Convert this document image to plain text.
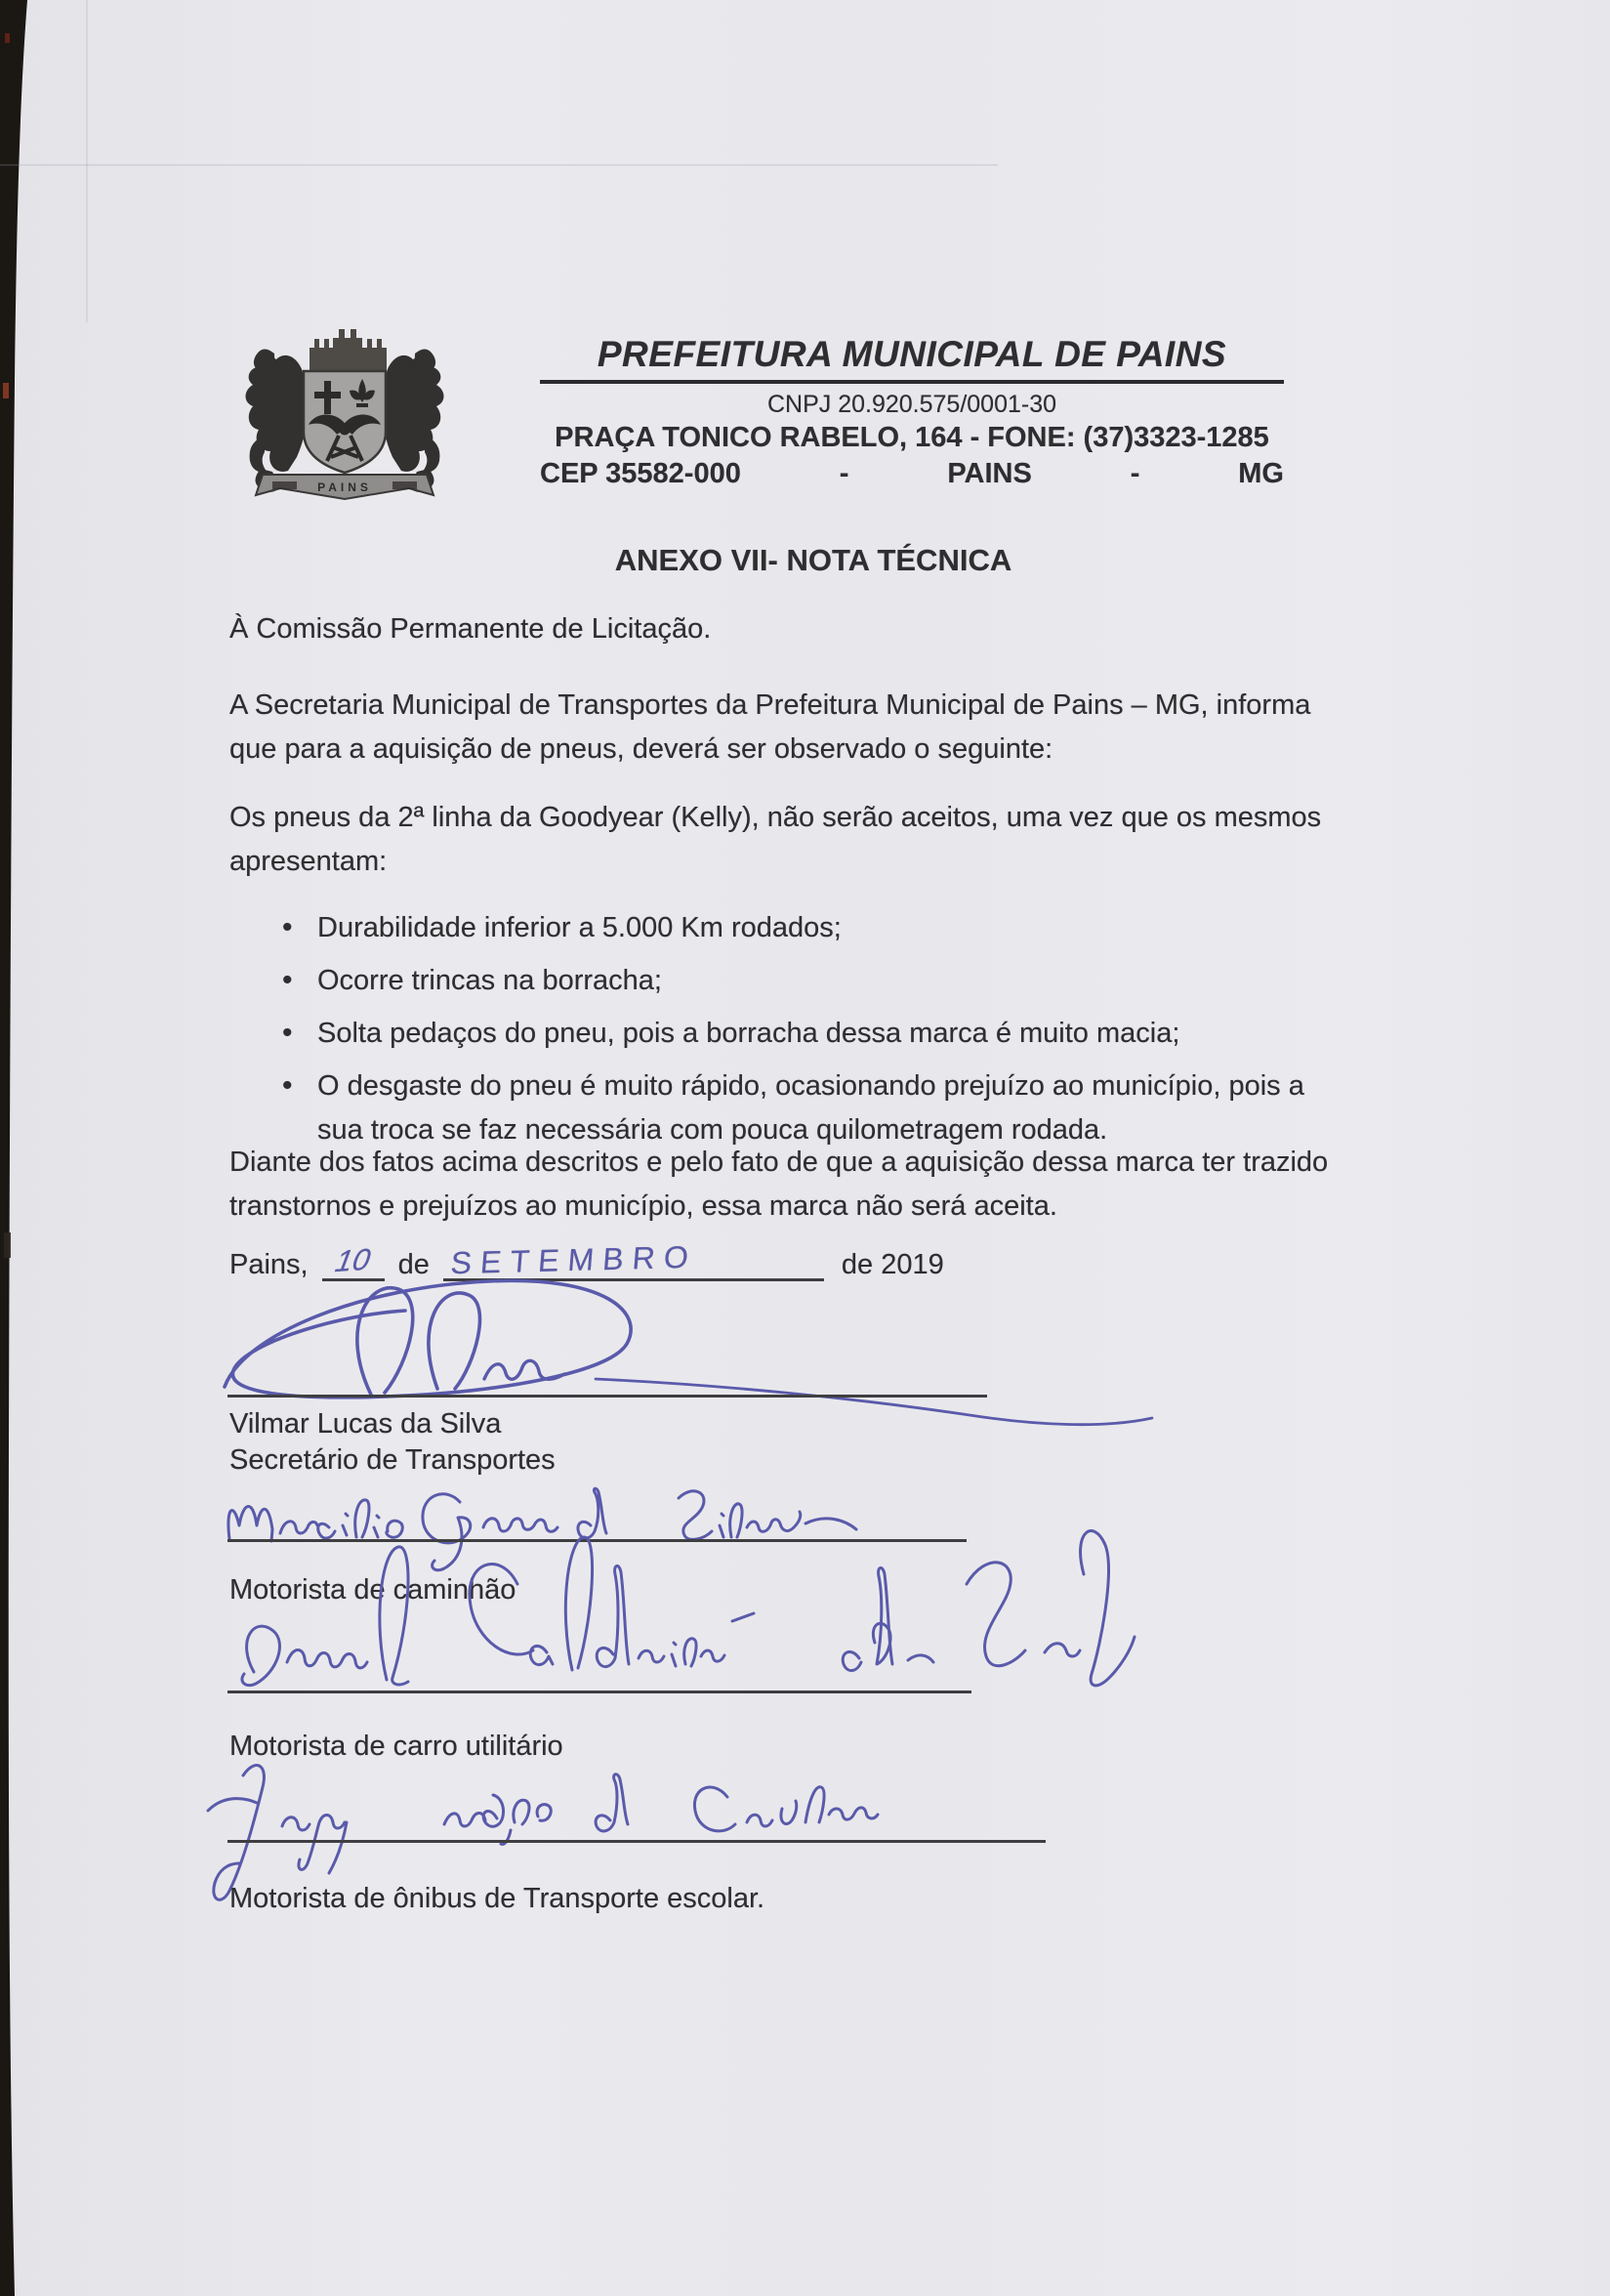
PAINS
PREFEITURA MUNICIPAL DE PAINS
CNPJ 20.920.575/0001-30
PRAÇA TONICO RABELO, 164 - FONE: (37)3323-1285
CEP 35582-000	-	PAINS	-	MG
ANEXO VII- NOTA TÉCNICA
À Comissão Permanente de Licitação.
A Secretaria Municipal de Transportes da Prefeitura Municipal de Pains – MG, informa que para a aquisição de pneus, deverá ser observado o seguinte:
Os pneus da 2ª linha da Goodyear (Kelly), não serão aceitos, uma vez que os mesmos apresentam:
• Durabilidade inferior a 5.000 Km rodados;
• Ocorre trincas na borracha;
• Solta pedaços do pneu, pois a borracha dessa marca é muito macia;
• O desgaste do pneu é muito rápido, ocasionando prejuízo ao município, pois a sua troca se faz necessária com pouca quilometragem rodada.
Diante dos fatos acima descritos e pelo fato de que a aquisição dessa marca ter trazido transtornos e prejuízos ao município, essa marca não será aceita.
Pains, 10 de SETEMBRO	de 2019
Vilmar Lucas da Silva
Secretário de Transportes
Motorista de caminhão
Motorista de carro utilitário
Motorista de ônibus de Transporte escolar.
